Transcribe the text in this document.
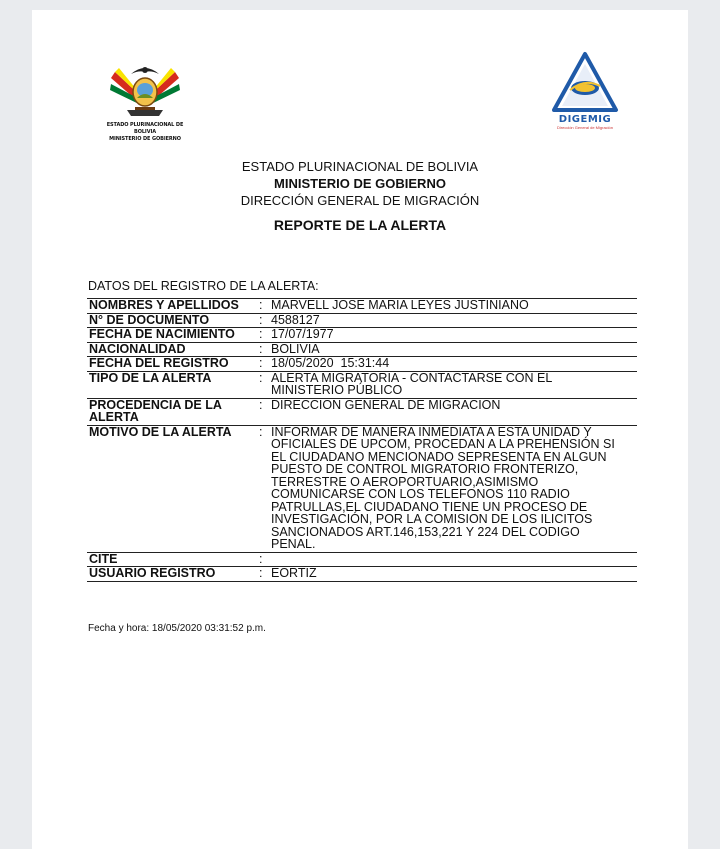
ESTADO PLURINACIONAL DE BOLIVIA
MINISTERIO DE GOBIERNO
DIGEMIG
Dirección General de Migración
ESTADO PLURINACIONAL DE BOLIVIA
MINISTERIO DE GOBIERNO
DIRECCIÓN GENERAL DE MIGRACIÓN
REPORTE DE LA ALERTA
DATOS DEL REGISTRO DE LA ALERTA:
NOMBRES Y APELLIDOS	:	MARVELL JOSE MARIA LEYES JUSTINIANO
N° DE DOCUMENTO	:	4588127
FECHA DE NACIMIENTO	:	17/07/1977
NACIONALIDAD	:	BOLIVIA
FECHA DEL REGISTRO	:	18/05/2020  15:31:44
TIPO DE LA ALERTA	:	ALERTA MIGRATORIA - CONTACTARSE CON EL MINISTERIO PÚBLICO
PROCEDENCIA DE LA ALERTA	:	DIRECCION GENERAL DE MIGRACION
MOTIVO DE LA ALERTA	:	INFORMAR DE MANERA INMEDIATA A ESTA UNIDAD Y OFICIALES DE UPCOM, PROCEDAN A LA PREHENSIÓN SI EL CIUDADANO MENCIONADO SEPRESENTA EN ALGUN PUESTO DE CONTROL MIGRATORIO FRONTERIZO, TERRESTRE O AEROPORTUARIO,ASIMISMO COMUNICARSE CON LOS TELEFONOS 110 RADIO PATRULLAS,EL CIUDADANO TIENE UN PROCESO DE INVESTIGACIÓN, POR LA COMISION DE LOS ILICITOS SANCIONADOS ART.146,153,221 Y 224 DEL CODIGO PENAL.
CITE	:	
USUARIO REGISTRO	:	EORTIZ
Fecha y hora: 18/05/2020 03:31:52 p.m.
